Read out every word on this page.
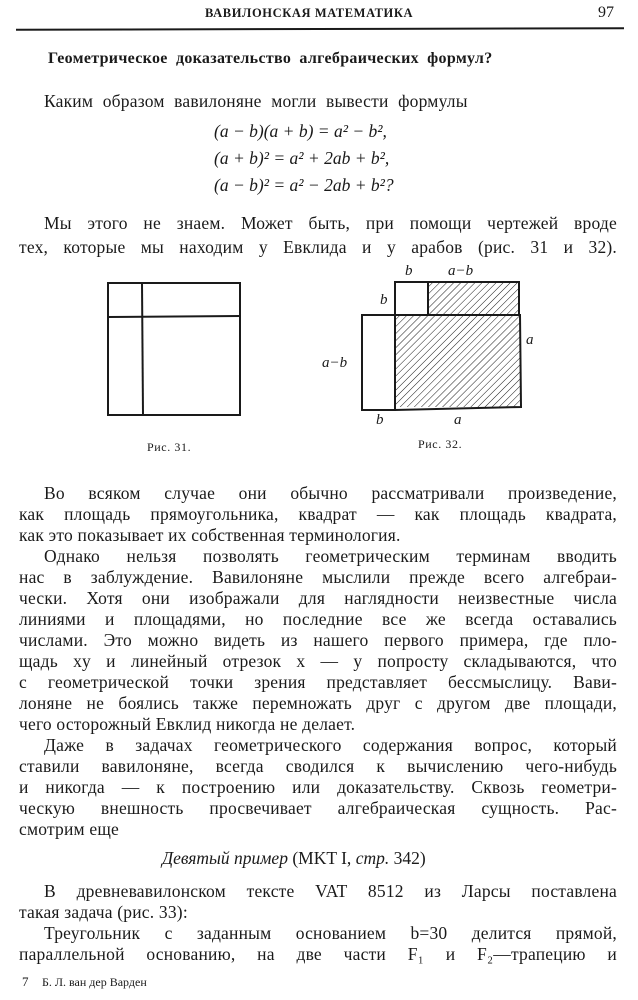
ВАВИЛОНСКАЯ МАТЕМАТИКА	97
Геометрическое доказательство алгебраических формул?
Каким образом вавилоняне могли вывести формулы
(a − b)(a + b) = a² − b²,
(a + b)² = a² + 2ab + b²,
(a − b)² = a² − 2ab + b²?
Мы этого не знаем. Может быть, при помощи чертежей вроде
тех, которые мы находим у Евклида и у арабов (рис. 31 и 32).
Рис. 31.
b a−b
b
a−b
a
b	a
Рис. 32.
Во всяком случае они обычно рассматривали произведение,
как площадь прямоугольника, квадрат — как площадь квадрата,
как это показывает их собственная терминология.
Однако нельзя позволять геометрическим терминам вводить
нас в заблуждение. Вавилоняне мыслили прежде всего алгебраи-
чески. Хотя они изображали для наглядности неизвестные числа
линиями и площадями, но последние все же всегда оставались
числами. Это можно видеть из нашего первого примера, где пло-
щадь xy и линейный отрезок x — y попросту складываются, что
с геометрической точки зрения представляет бессмыслицу. Вави-
лоняне не боялись также перемножать друг с другом две площади,
чего осторожный Евклид никогда не делает.
Даже в задачах геометрического содержания вопрос, который
ставили вавилоняне, всегда сводился к вычислению чего-нибудь
и никогда — к построению или доказательству. Сквозь геометри-
ческую внешность просвечивает алгебраическая сущность. Рас-
смотрим еще
Девятый пример (MKT I, стр. 342)
В древневавилонском тексте VAT 8512 из Ларсы поставлена
такая задача (рис. 33):
Треугольник с заданным основанием b=30 делится прямой,
параллельной основанию, на две части F₁ и F₂—трапецию и
7 Б. Л. ван дер Варден
